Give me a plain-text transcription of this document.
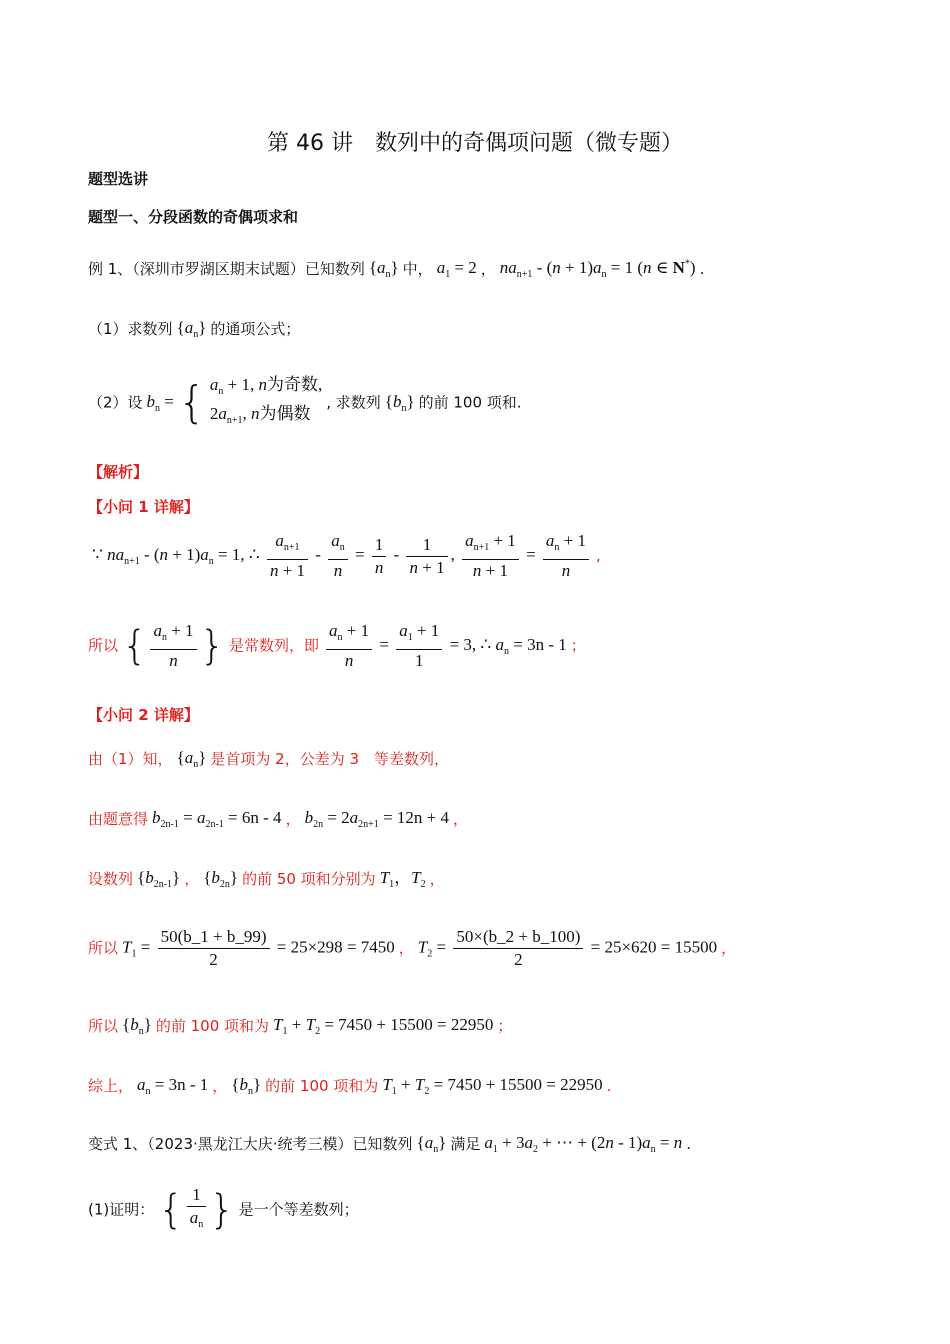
第 46 讲　数列中的奇偶项问题（微专题）
题型选讲
题型一、分段函数的奇偶项求和
例 1、（深圳市罗湖区期末试题）已知数列 $\{a_n\}$ 中， $a_1 = 2$ ， $na_{n+1} - (n + 1)a_n = 1$ (n ∈ N*) .
（1）求数列 $\{a_n\}$ 的通项公式；
（2）设 $b_n$ ={ $a_n + 1$, n为奇数,
$2a_{n+1}$, n为偶数
, 求数列 $\{b_n\}$ 的前 100 项和.
【解析】
【小问 1 详解】
∵ $na_{n+1} - (n + 1)a_n = 1$, ∴ $\frac{a_{n+1}}{n + 1} - \frac{a_n}{n} = \frac{1}{n} - \frac{1}{n + 1}$ , $\frac{a_{n+1} + 1}{n + 1} = \frac{a_n + 1}{n}$ ,
所以 { $\frac{a_n + 1}{n}$ } 是常数列，即 $\frac{a_n + 1}{n} = \frac{a_1 + 1}{1} = 3$, ∴ $a_n = 3n - 1$ ；
【小问 2 详解】
由（1）知， $\{a_n\}$ 是首项为 2，公差为 3　等差数列，
由题意得 $b_{2n-1} = a_{2n-1} = 6n - 4$ ， $b_{2n} = 2a_{2n+1} = 12n + 4$ ，
设数列 $\{b_{2n-1}\}$ ， $\{b_{2n}\}$ 的前 50 项和分别为 $T_1$，$T_2$ ，
所以 $T_1 = \frac{50(b\_1 + b\_99)}{2} = 25\times 298 = 7450$ ， $T_2 = \frac{50\times(b\_2 + b\_100)}{2} = 25\times 620 = 15500$ ，
所以 $\{b_n\}$ 的前 100 项和为 $T_1 + T_2 = 7450 + 15500 = 22950$ ；
综上， $a_n = 3n - 1$ ， $\{b_n\}$ 的前 100 项和为 $T_1 + T_2 = 7450 + 15500 = 22950$ .
变式 1、（2023·黑龙江大庆·统考三模）已知数列 $\{a_n\}$ 满足 $a_1 + 3a_2$ + ⋯ + $(2n - 1)a_n = n$ .
(1)证明： { $\frac{1}{a_n}$ } 是一个等差数列；
